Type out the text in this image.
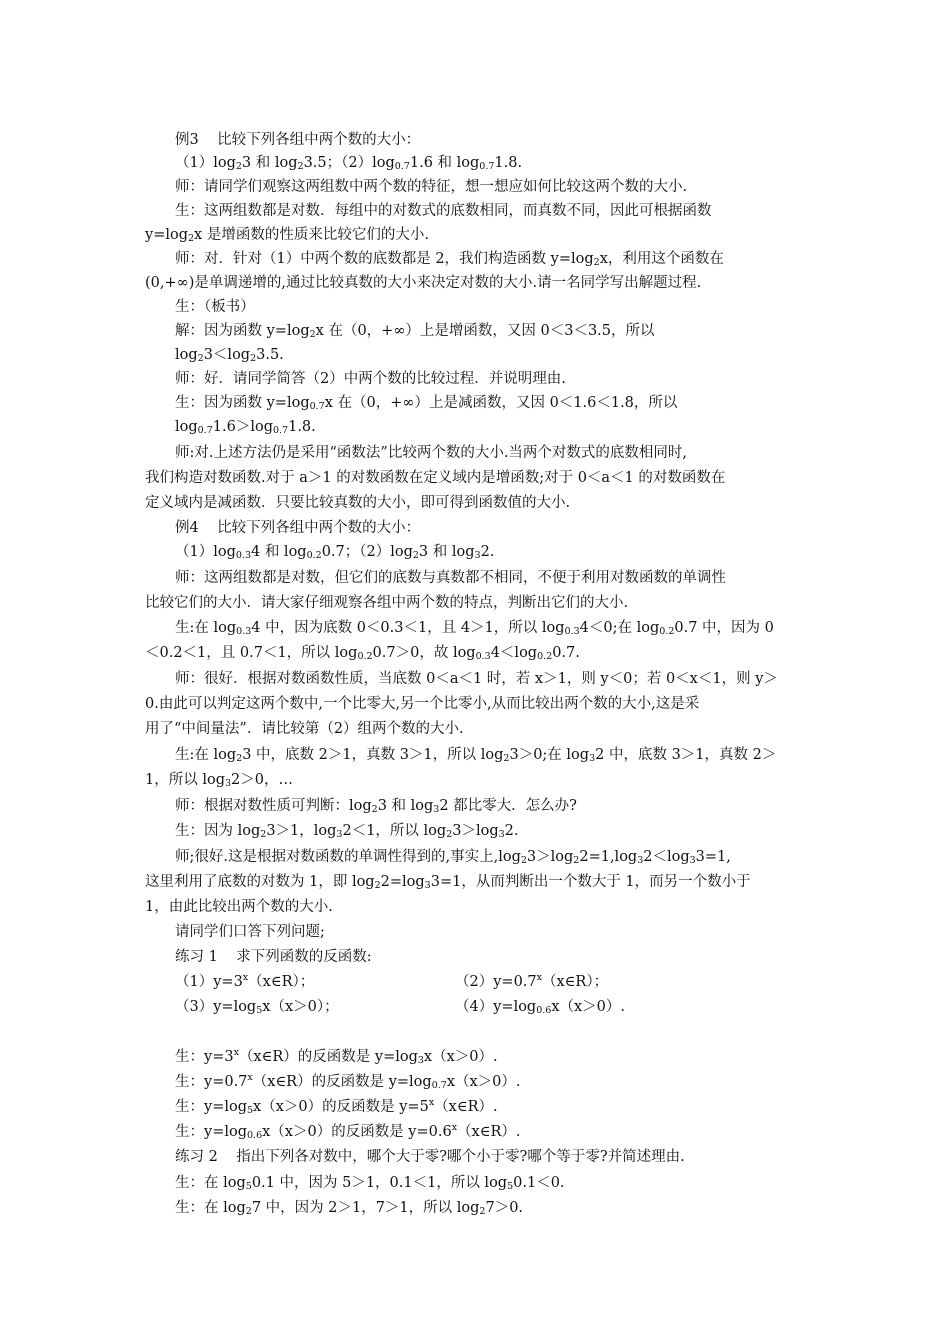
例3    比较下列各组中两个数的大小：
$(1)\log_23$ 和 $\log_23.5$；$(2)\log_{0.7}1.6$ 和 $\log_{0.7}1.8$.
师：请同学们观察这两组数中两个数的特征，想一想应如何比较这两个数的大小.
生：这两组数都是对数．每组中的对数式的底数相同，而真数不同，因此可根据函数
$y=\log_2x$ 是增函数的性质来比较它们的大小.
师：对．针对（1）中两个数的底数都是 2，我们构造函数 $y=\log_2x$，利用这个函数在
(0,+∞)是单调递增的,通过比较真数的大小来决定对数的大小.请一名同学写出解题过程.
生：（板书）
解：因为函数 $y=\log_2x$ 在（0，+∞）上是增函数，又因 0＜3＜3.5，所以
$\log_23<\log_23.5$.
师：好．请同学简答（2）中两个数的比较过程．并说明理由.
生：因为函数 $y=\log_{0.7}x$ 在（0，+∞）上是减函数，又因 0＜1.6＜1.8，所以
$\log_{0.7}1.6>\log_{0.7}1.8$.
师:对.上述方法仍是采用“函数法”比较两个数的大小.当两个对数式的底数相同时,
我们构造对数函数.对于 a＞1 的对数函数在定义域内是增函数;对于 0＜a＜1 的对数函数在
定义域内是减函数．只要比较真数的大小，即可得到函数值的大小.
例4    比较下列各组中两个数的大小：
$(1)\log_{0.3}4$ 和 $\log_{0.2}0.7$；$(2)\log_23$ 和 $\log_32$.
师：这两组数都是对数，但它们的底数与真数都不相同，不便于利用对数函数的单调性
比较它们的大小．请大家仔细观察各组中两个数的特点，判断出它们的大小.
生:在 $\log_{0.3}4$ 中，因为底数 0＜0.3＜1，且 4＞1，所以 $\log_{0.3}4<0$;在 $\log_{0.2}0.7$ 中，因为 0
＜0.2＜1，且 0.7＜1，所以 $\log_{0.2}0.7>0$，故 $\log_{0.3}4<\log_{0.2}0.7$.
师：很好．根据对数函数性质，当底数 0＜a＜1 时，若 x＞1，则 y＜0；若 0＜x＜1，则 y＞
0.由此可以判定这两个数中,一个比零大,另一个比零小,从而比较出两个数的大小,这是采
用了“中间量法”．请比较第（2）组两个数的大小.
生:在 $\log_23$ 中，底数 2＞1，真数 3＞1，所以 $\log_23>0$;在 $\log_32$ 中，底数 3＞1，真数 2＞
1，所以 $\log_32>0$，…
师：根据对数性质可判断：$\log_23$ 和 $\log_32$ 都比零大．怎么办?
生：因为 $\log_23>1$，$\log_32<1$，所以 $\log_23>\log_32$.
师;很好.这是根据对数函数的单调性得到的,事实上$,\log_23>\log_22=1,\log_32<\log_33=1$,
这里利用了底数的对数为 1，即 $\log_22=\log_33=1$，从而判断出一个数大于 1，而另一个数小于
1，由此比较出两个数的大小.
请同学们口答下列问题;
练习 1    求下列函数的反函数:
$(1)y=3^x(x\in R)$；	$(2)y=0.7^x(x\in R)$；
$(3)y=\log_5x(x>0)$；	$(4)y=\log_{0.6}x(x>0)$.
生：$y=3^x(x\in R)$的反函数是 $y=\log_3x(x>0)$.
生：$y=0.7^x(x\in R)$的反函数是 $y=\log_{0.7}x(x>0)$.
生：$y=\log_5x(x>0)$的反函数是 $y=5^x(x\in R)$.
生：$y=\log_{0.6}x(x>0)$的反函数是 $y=0.6^x(x\in R)$.
练习 2    指出下列各对数中，哪个大于零?哪个小于零?哪个等于零?并简述理由.
生：在 $\log_50.1$ 中，因为 5＞1，0.1＜1，所以 $\log_50.1<0$.
生：在 $\log_27$ 中，因为 2＞1，7＞1，所以 $\log_27>0$.
